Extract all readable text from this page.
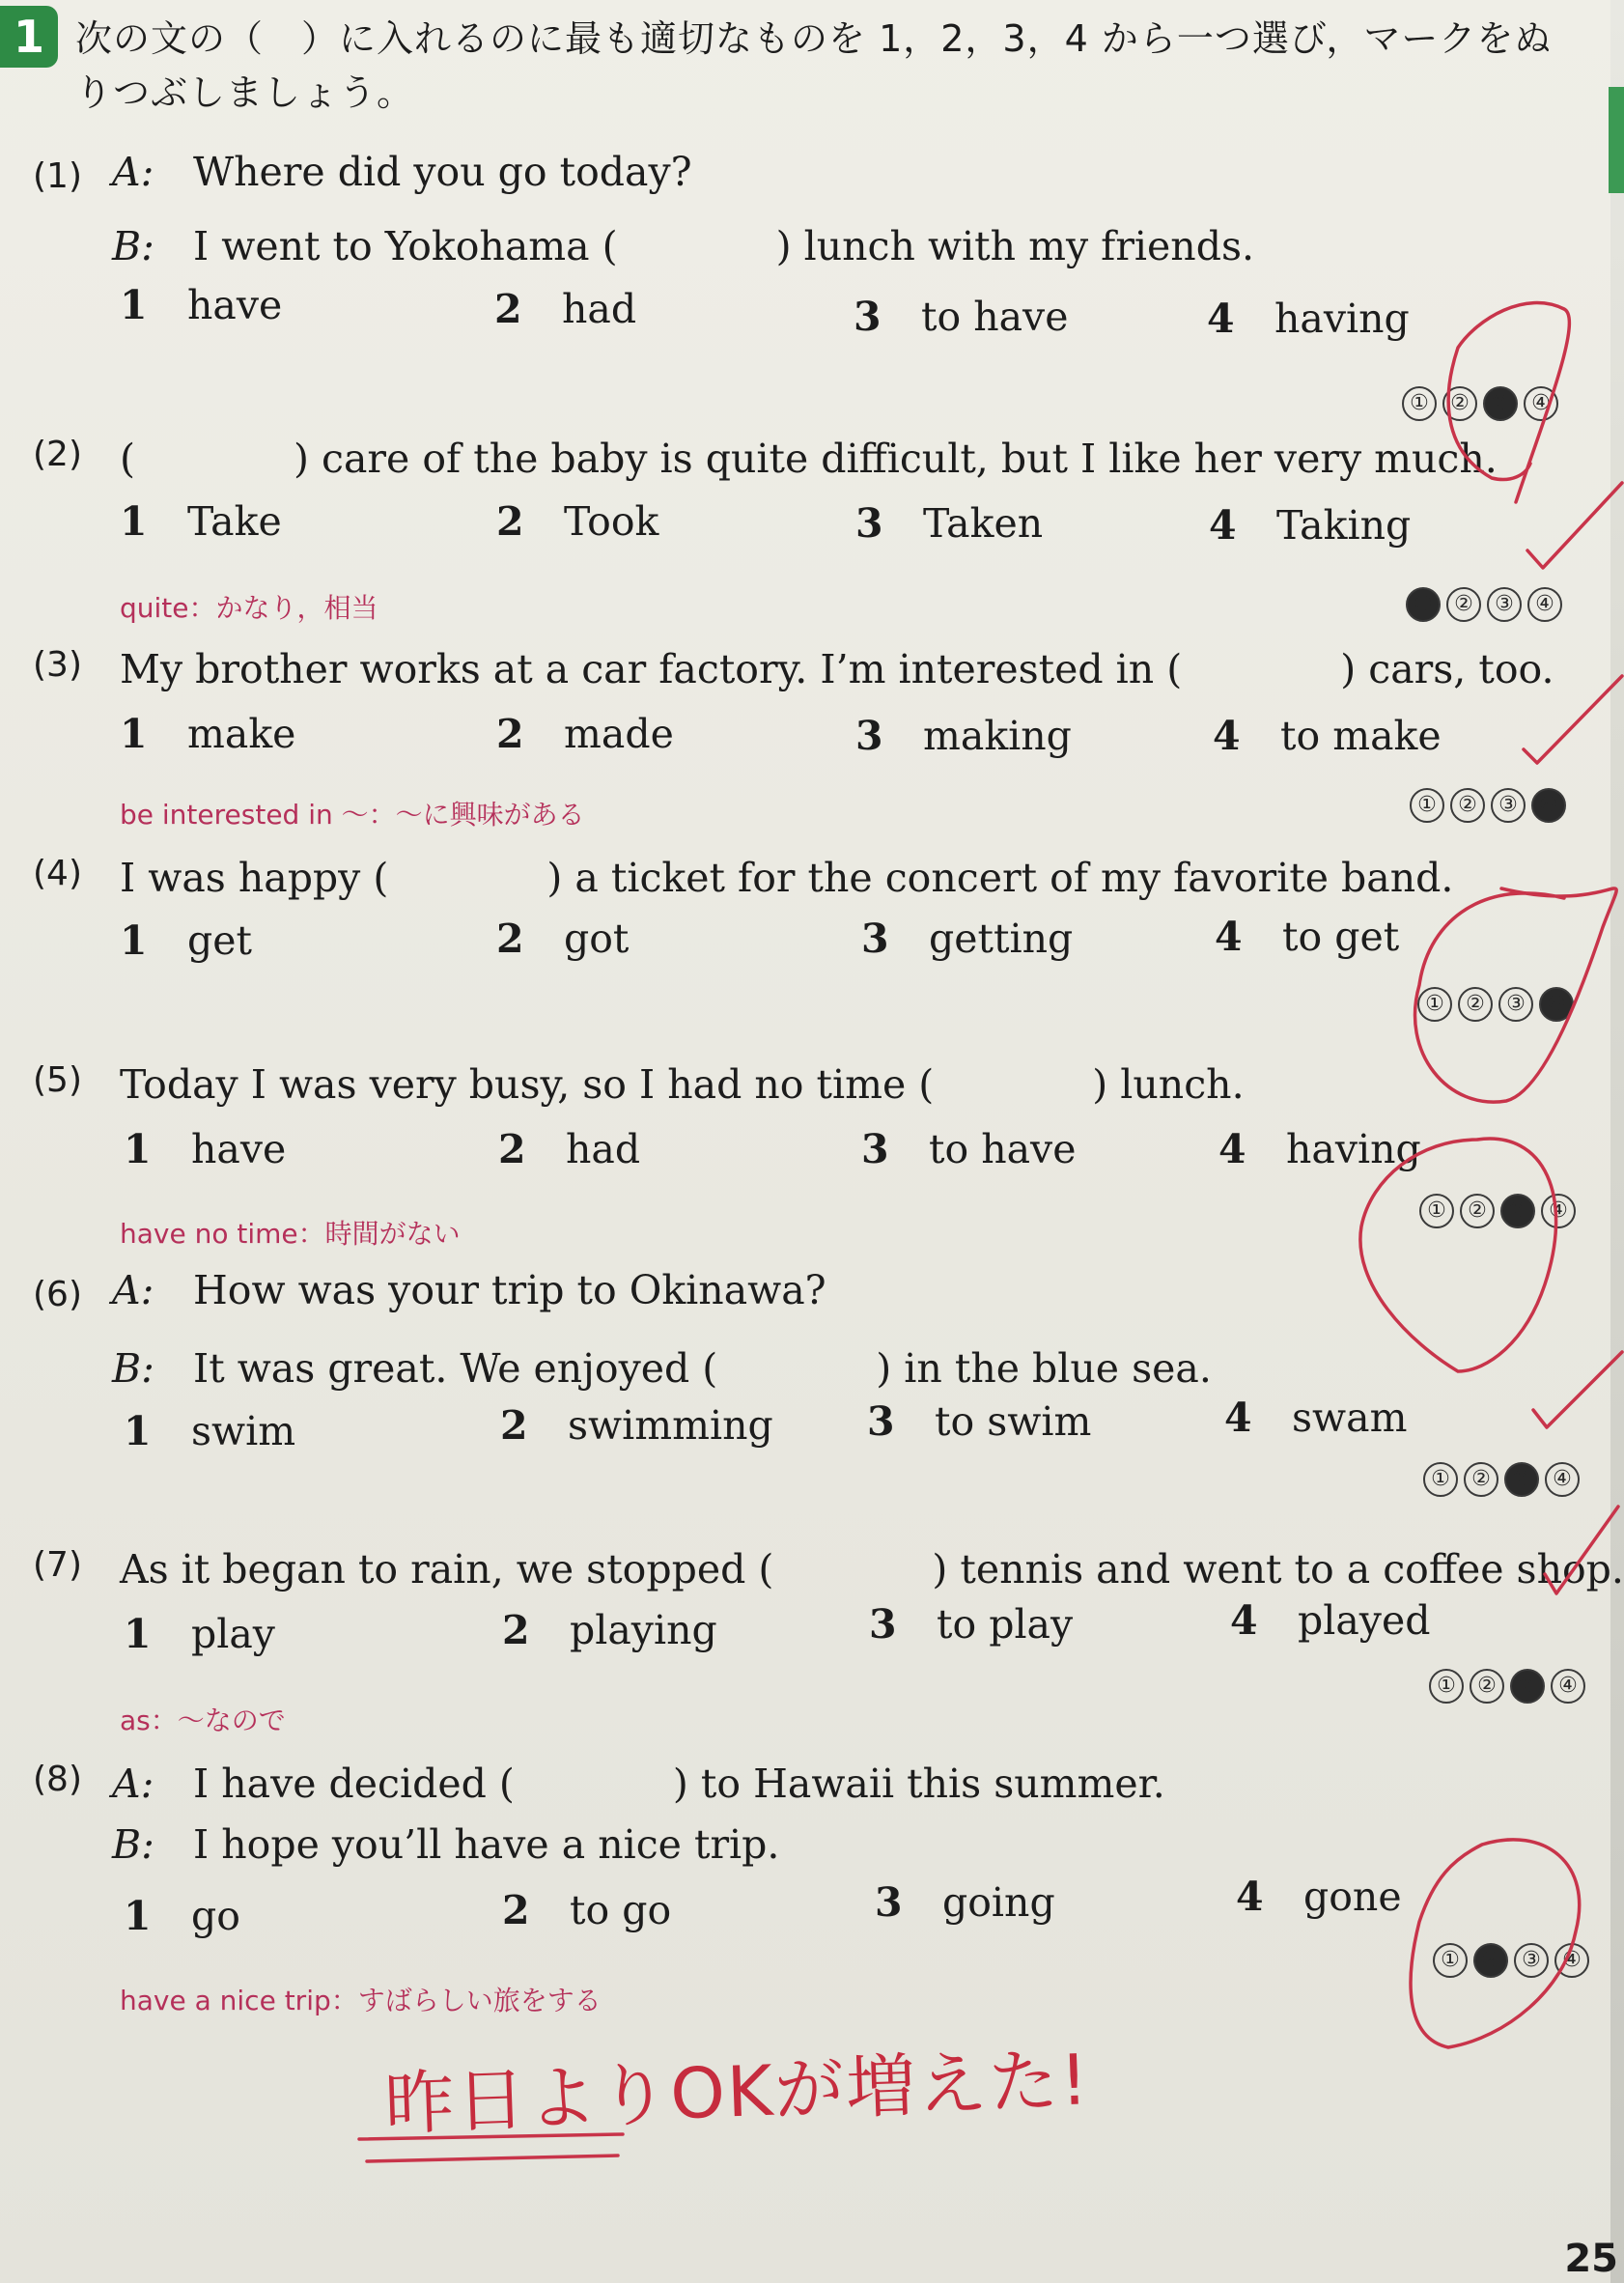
1 次の文の（　）に入れるのに最も適切なものを 1，2，3，4 から一つ選び，マークをぬりつぶしましょう。
(1) A: Where did you go today?
B: I went to Yokohama (　　　　) lunch with my friends.
1 have	2 had	3 to have	4 having
①	②	③	④
(2) (　　　　) care of the baby is quite difficult, but I like her very much.
1 Take	2 Took	3 Taken	4 Taking
quite：かなり，相当	①	②	③	④
(3) My brother works at a car factory. I’m interested in (　　　　) cars, too.
1 make	2 made	3 making	4 to make
be interested in ～：～に興味がある	①	②	③	④
(4) I was happy (　　　　) a ticket for the concert of my favorite band.
1 get	2 got	3 getting	4 to get
①	②	③	④
(5) Today I was very busy, so I had no time (　　　　) lunch.
1 have	2 had	3 to have	4 having
have no time：時間がない
①	②	③	④
(6) A: How was your trip to Okinawa?
B: It was great. We enjoyed (　　　　) in the blue sea.
1 swim	2 swimming 3 to swim	4 swam
①	②	③	④
(7) As it began to rain, we stopped (　　　　) tennis and went to a coffee shop.
1 play	2 playing	3 to play	4 played
as：～なので
①	②	③	④
(8) A: I have decided (　　　　) to Hawaii this summer.
B: I hope you’ll have a nice trip.
1 go	2 to go	3 going	4 gone
have a nice trip：すばらしい旅をする
①	②	③	④
昨日よりOKが増えた!
25
